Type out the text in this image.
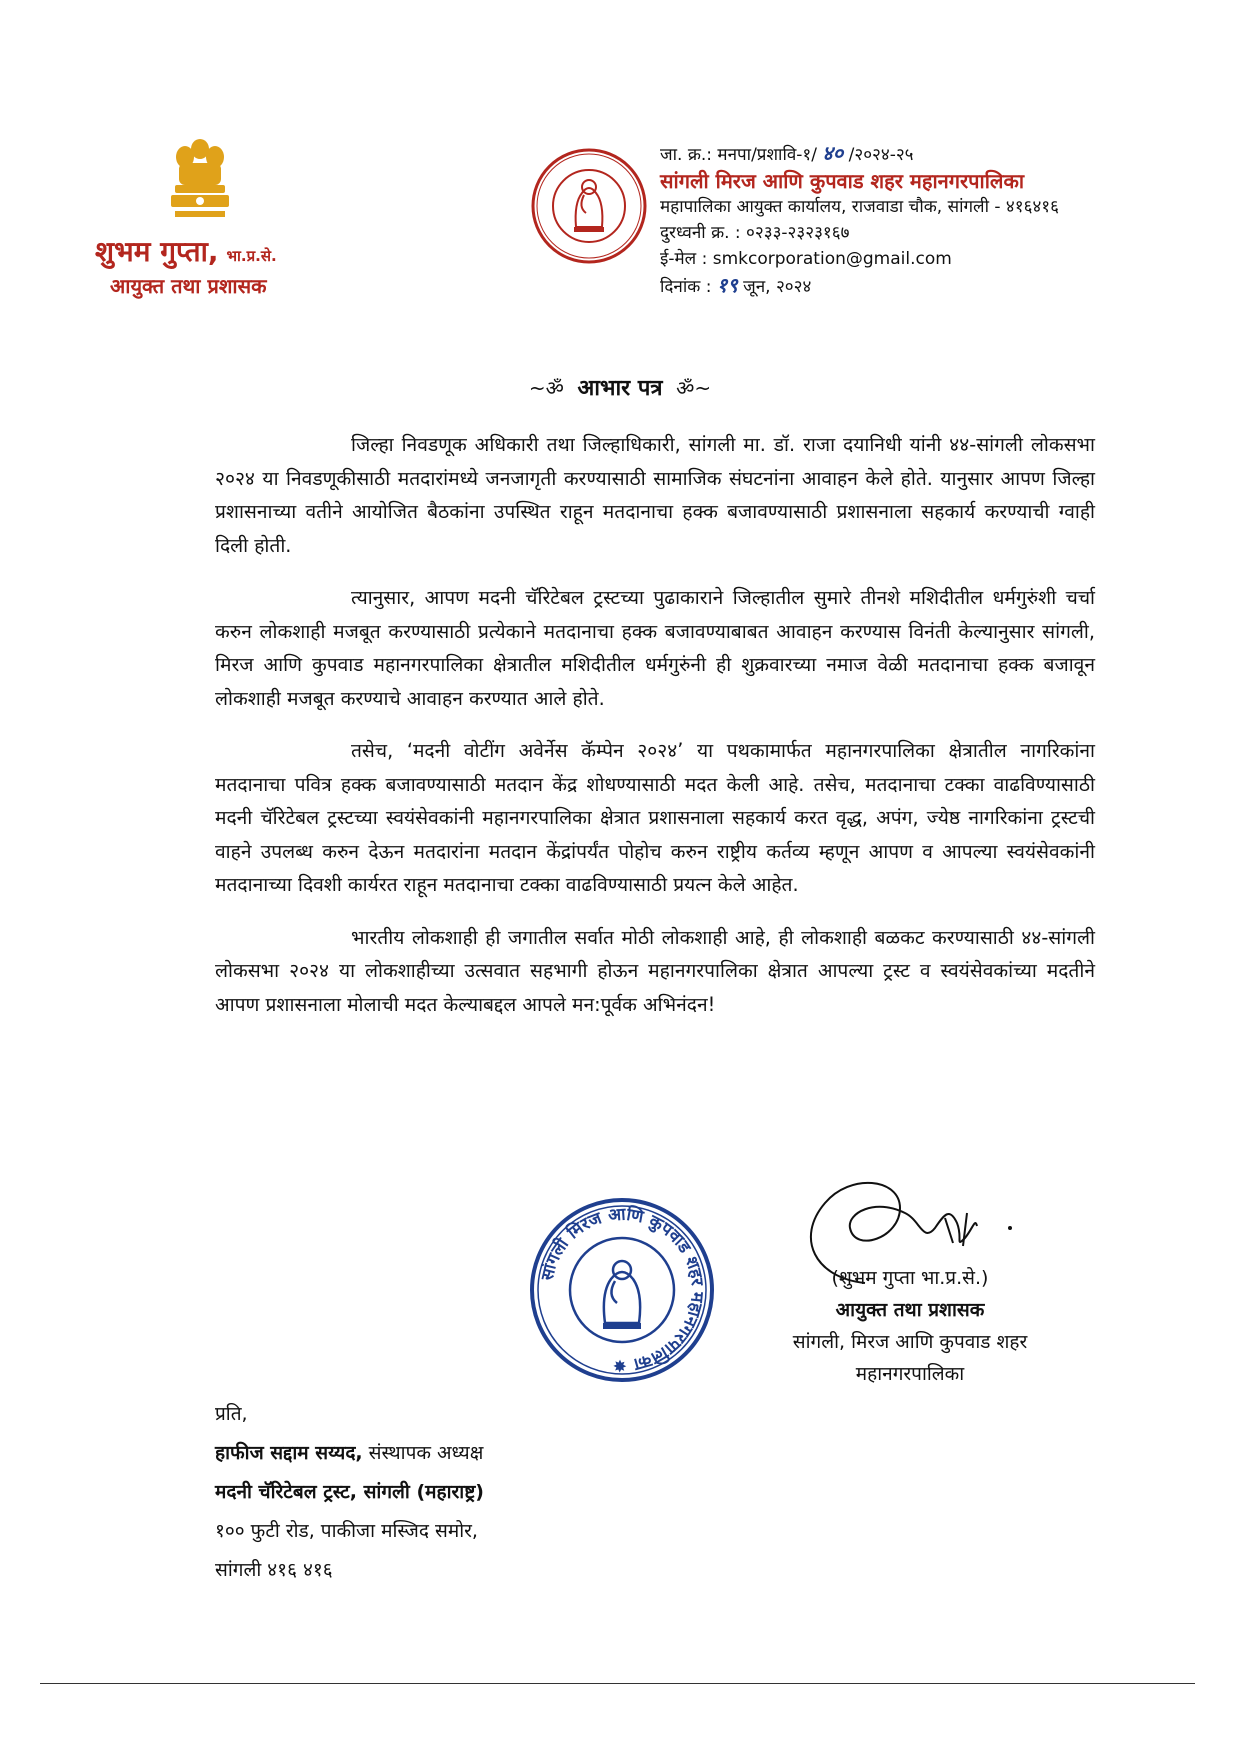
शुभम गुप्ता, भा.प्र.से.
आयुक्त तथा प्रशासक
जा. क्र.: मनपा/प्रशावि-१/ ४० /२०२४-२५
सांगली मिरज आणि कुपवाड शहर महानगरपालिका
महापालिका आयुक्त कार्यालय, राजवाडा चौक, सांगली - ४१६४१६
दुरध्वनी क्र. : ०२३३-२३२३१६७
ई-मेल : smkcorporation@gmail.com
दिनांक : १९ जून, २०२४
~ॐ आभार पत्र ॐ~

जिल्हा निवडणूक अधिकारी तथा जिल्हाधिकारी, सांगली मा. डॉ. राजा दयानिधी यांनी ४४-सांगली लोकसभा २०२४ या निवडणूकीसाठी मतदारांमध्ये जनजागृती करण्यासाठी सामाजिक संघटनांना आवाहन केले होते. यानुसार आपण जिल्हा प्रशासनाच्या वतीने आयोजित बैठकांना उपस्थित राहून मतदानाचा हक्क बजावण्यासाठी प्रशासनाला सहकार्य करण्याची ग्वाही दिली होती.

त्यानुसार, आपण मदनी चॅरिटेबल ट्रस्टच्या पुढाकाराने जिल्हातील सुमारे तीनशे मशिदीतील धर्मगुरुंशी चर्चा करुन लोकशाही मजबूत करण्यासाठी प्रत्येकाने मतदानाचा हक्क बजावण्याबाबत आवाहन करण्यास विनंती केल्यानुसार सांगली, मिरज आणि कुपवाड महानगरपालिका क्षेत्रातील मशिदीतील धर्मगुरुंनी ही शुक्रवारच्या नमाज वेळी मतदानाचा हक्क बजावून लोकशाही मजबूत करण्याचे आवाहन करण्यात आले होते.

तसेच, ‘मदनी वोटींग अवेर्नेस कॅम्पेन २०२४’ या पथकामार्फत महानगरपालिका क्षेत्रातील नागरिकांना मतदानाचा पवित्र हक्क बजावण्यासाठी मतदान केंद्र शोधण्यासाठी मदत केली आहे. तसेच, मतदानाचा टक्का वाढविण्यासाठी मदनी चॅरिटेबल ट्रस्टच्या स्वयंसेवकांनी महानगरपालिका क्षेत्रात प्रशासनाला सहकार्य करत वृद्ध, अपंग, ज्येष्ठ नागरिकांना ट्रस्टची वाहने उपलब्ध करुन देऊन मतदारांना मतदान केंद्रांपर्यंत पोहोच करुन राष्ट्रीय कर्तव्य म्हणून आपण व आपल्या स्वयंसेवकांनी मतदानाच्या दिवशी कार्यरत राहून मतदानाचा टक्का वाढविण्यासाठी प्रयत्न केले आहेत.

भारतीय लोकशाही ही जगातील सर्वात मोठी लोकशाही आहे, ही लोकशाही बळकट करण्यासाठी ४४-सांगली लोकसभा २०२४ या लोकशाहीच्या उत्सवात सहभागी होऊन महानगरपालिका क्षेत्रात आपल्या ट्रस्ट व स्वयंसेवकांच्या मदतीने आपण प्रशासनाला मोलाची मदत केल्याबद्दल आपले मन:पूर्वक अभिनंदन!

सांगली मिरज आणि कुपवाड शहर महानगरपालिका ✸
(शुभम गुप्ता भा.प्र.से.)
आयुक्त तथा प्रशासक
सांगली, मिरज आणि कुपवाड शहर
महानगरपालिका
प्रति,
हाफीज सद्दाम सय्यद, संस्थापक अध्यक्ष
मदनी चॅरिटेबल ट्रस्ट, सांगली (महाराष्ट्र)
१०० फुटी रोड, पाकीजा मस्जिद समोर,
सांगली ४१६ ४१६
